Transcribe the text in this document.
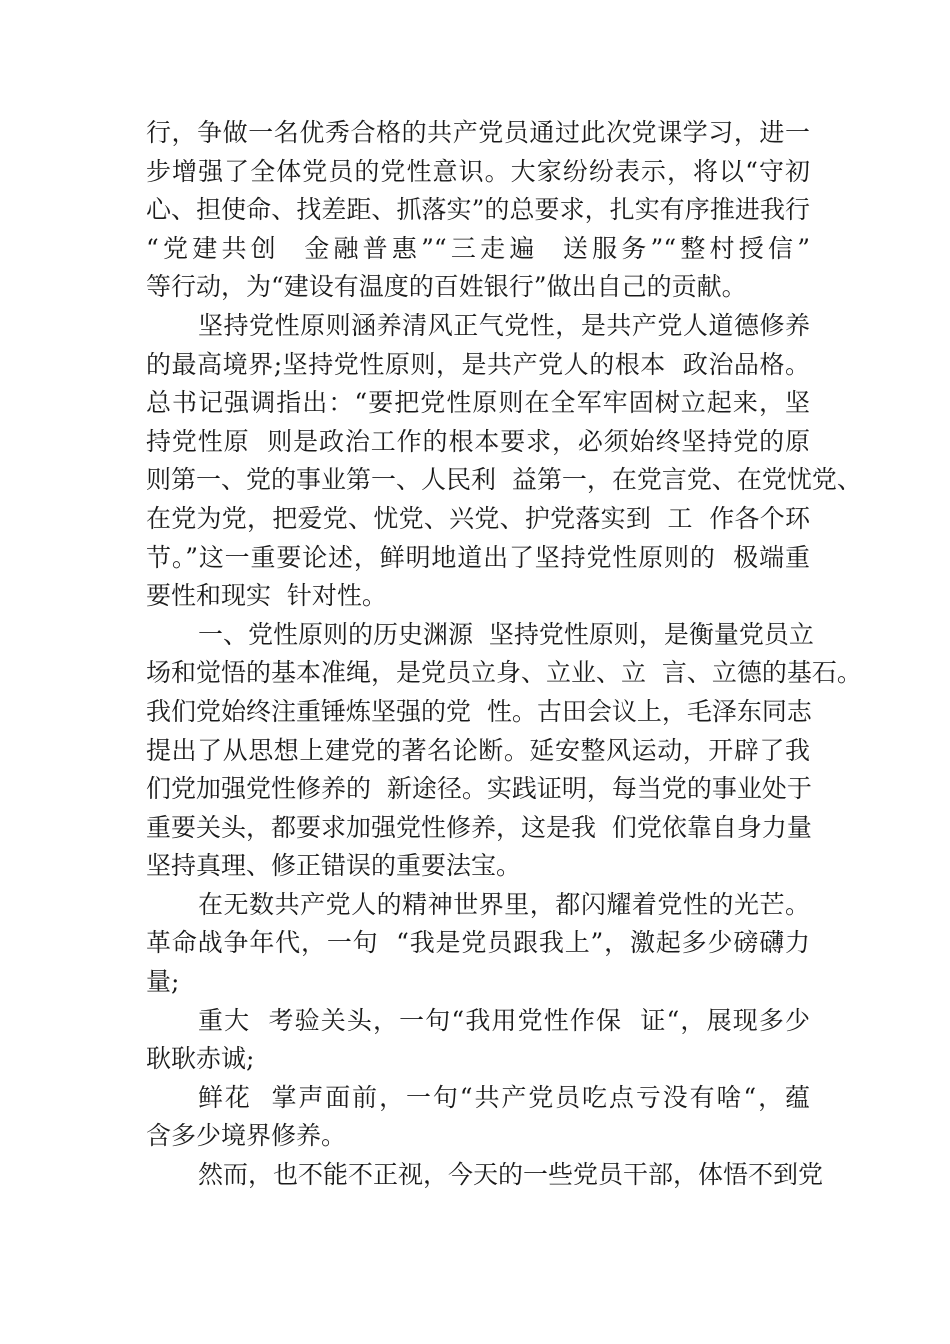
行，争做一名优秀合格的共产党员通过此次党课学习，进一
步增强了全体党员的党性意识。大家纷纷表示，将以“守初
心、担使命、找差距、抓落实”的总要求，扎实有序推进我行
“党建共创  金融普惠”“三走遍  送服务”“整村授信”
等行动，为“建设有温度的百姓银行”做出自己的贡献。
坚持党性原则涵养清风正气党性，是共产党人道德修养
的最高境界;坚持党性原则，是共产党人的根本  政治品格。
总书记强调指出：“要把党性原则在全军牢固树立起来，坚
持党性原  则是政治工作的根本要求，必须始终坚持党的原
则第一、党的事业第一、人民利  益第一，在党言党、在党忧党、
在党为党，把爱党、忧党、兴党、护党落实到  工  作各个环
节。”这一重要论述，鲜明地道出了坚持党性原则的  极端重
要性和现实  针对性。
一、党性原则的历史渊源  坚持党性原则，是衡量党员立
场和觉悟的基本准绳，是党员立身、立业、立  言、立德的基石。
我们党始终注重锤炼坚强的党  性。古田会议上，毛泽东同志
提出了从思想上建党的著名论断。延安整风运动，开辟了我
们党加强党性修养的  新途径。实践证明，每当党的事业处于
重要关头，都要求加强党性修养，这是我  们党依靠自身力量
坚持真理、修正错误的重要法宝。
在无数共产党人的精神世界里，都闪耀着党性的光芒。
革命战争年代，一句  “我是党员跟我上”，激起多少磅礴力
量;
重大  考验关头，一句“我用党性作保  证“，展现多少
耿耿赤诚;
鲜花  掌声面前，一句“共产党员吃点亏没有啥“，蕴
含多少境界修养。
然而，也不能不正视，今天的一些党员干部，体悟不到党
